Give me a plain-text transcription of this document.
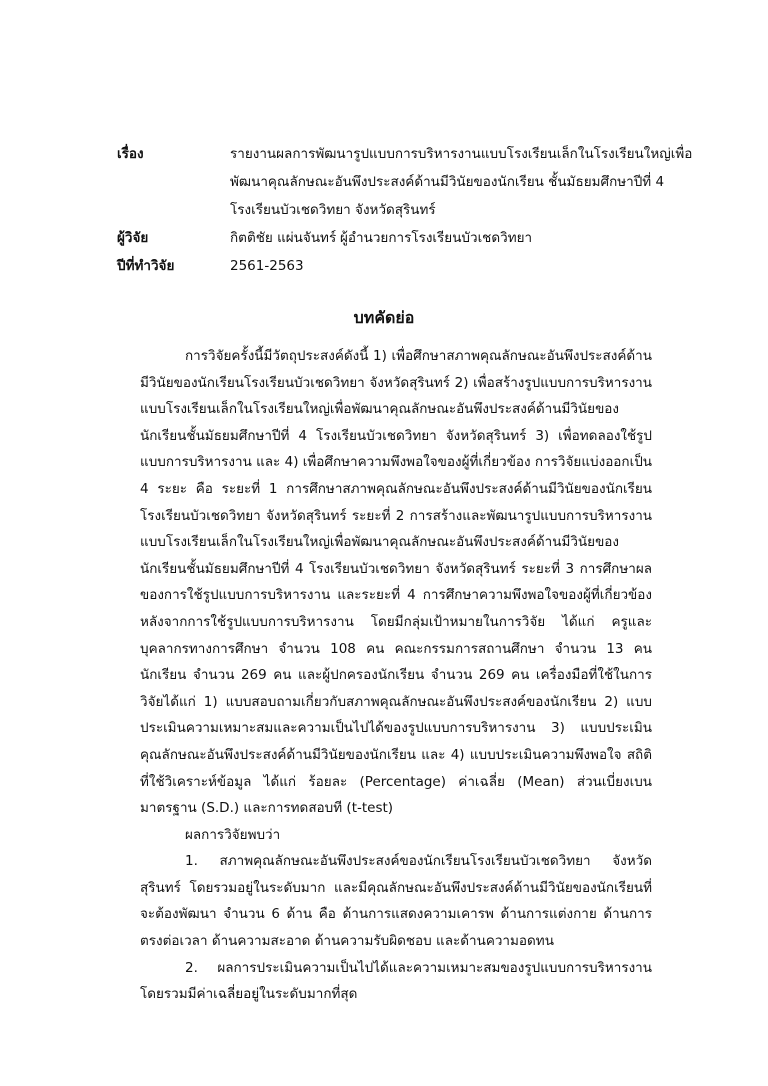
เรื่อง	รายงานผลการพัฒนารูปแบบการบริหารงานแบบโรงเรียนเล็กในโรงเรียนใหญ่เพื่อ
พัฒนาคุณลักษณะอันพึงประสงค์ด้านมีวินัยของนักเรียน ชั้นมัธยมศึกษาปีที่ 4
โรงเรียนบัวเชดวิทยา จังหวัดสุรินทร์
ผู้วิจัย	กิตติชัย แผ่นจันทร์ ผู้อำนวยการโรงเรียนบัวเชดวิทยา
ปีที่ทำวิจัย	2561-2563
บทคัดย่อ

การวิจัยครั้งนี้มีวัตถุประสงค์ดังนี้ 1) เพื่อศึกษาสภาพคุณลักษณะอันพึงประสงค์ด้านมีวินัยของนักเรียนโรงเรียนบัวเชดวิทยา จังหวัดสุรินทร์ 2) เพื่อสร้างรูปแบบการบริหารงานแบบโรงเรียนเล็กในโรงเรียนใหญ่เพื่อพัฒนาคุณลักษณะอันพึงประสงค์ด้านมีวินัยของนักเรียนชั้นมัธยมศึกษาปีที่ 4 โรงเรียนบัวเชดวิทยา จังหวัดสุรินทร์ 3) เพื่อทดลองใช้รูปแบบการบริหารงาน และ 4) เพื่อศึกษาความพึงพอใจของผู้ที่เกี่ยวข้อง การวิจัยแบ่งออกเป็น 4 ระยะ คือ ระยะที่ 1 การศึกษาสภาพคุณลักษณะอันพึงประสงค์ด้านมีวินัยของนักเรียนโรงเรียนบัวเชดวิทยา จังหวัดสุรินทร์ ระยะที่ 2 การสร้างและพัฒนารูปแบบการบริหารงานแบบโรงเรียนเล็กในโรงเรียนใหญ่เพื่อพัฒนาคุณลักษณะอันพึงประสงค์ด้านมีวินัยของนักเรียนชั้นมัธยมศึกษาปีที่ 4 โรงเรียนบัวเชดวิทยา จังหวัดสุรินทร์ ระยะที่ 3 การศึกษาผลของการใช้รูปแบบการบริหารงาน และระยะที่ 4 การศึกษาความพึงพอใจของผู้ที่เกี่ยวข้องหลังจากการใช้รูปแบบการบริหารงาน โดยมีกลุ่มเป้าหมายในการวิจัย ได้แก่ ครูและบุคลากรทางการศึกษา จำนวน 108 คน คณะกรรมการสถานศึกษา จำนวน 13 คน นักเรียน จำนวน 269 คน และผู้ปกครองนักเรียน จำนวน 269 คน เครื่องมือที่ใช้ในการวิจัยได้แก่ 1) แบบสอบถามเกี่ยวกับสภาพคุณลักษณะอันพึงประสงค์ของนักเรียน 2) แบบประเมินความเหมาะสมและความเป็นไปได้ของรูปแบบการบริหารงาน 3) แบบประเมินคุณลักษณะอันพึงประสงค์ด้านมีวินัยของนักเรียน และ 4) แบบประเมินความพึงพอใจ สถิติที่ใช้วิเคราะห์ข้อมูล ได้แก่ ร้อยละ (Percentage) ค่าเฉลี่ย (Mean) ส่วนเบี่ยงเบนมาตรฐาน (S.D.) และการทดสอบที (t-test)

ผลการวิจัยพบว่า

1. สภาพคุณลักษณะอันพึงประสงค์ของนักเรียนโรงเรียนบัวเชดวิทยา จังหวัดสุรินทร์ โดยรวมอยู่ในระดับมาก และมีคุณลักษณะอันพึงประสงค์ด้านมีวินัยของนักเรียนที่จะต้องพัฒนา จำนวน 6 ด้าน คือ ด้านการแสดงความเคารพ ด้านการแต่งกาย ด้านการตรงต่อเวลา ด้านความสะอาด ด้านความรับผิดชอบ และด้านความอดทน

2. ผลการประเมินความเป็นไปได้และความเหมาะสมของรูปแบบการบริหารงาน โดยรวมมีค่าเฉลี่ยอยู่ในระดับมากที่สุด
